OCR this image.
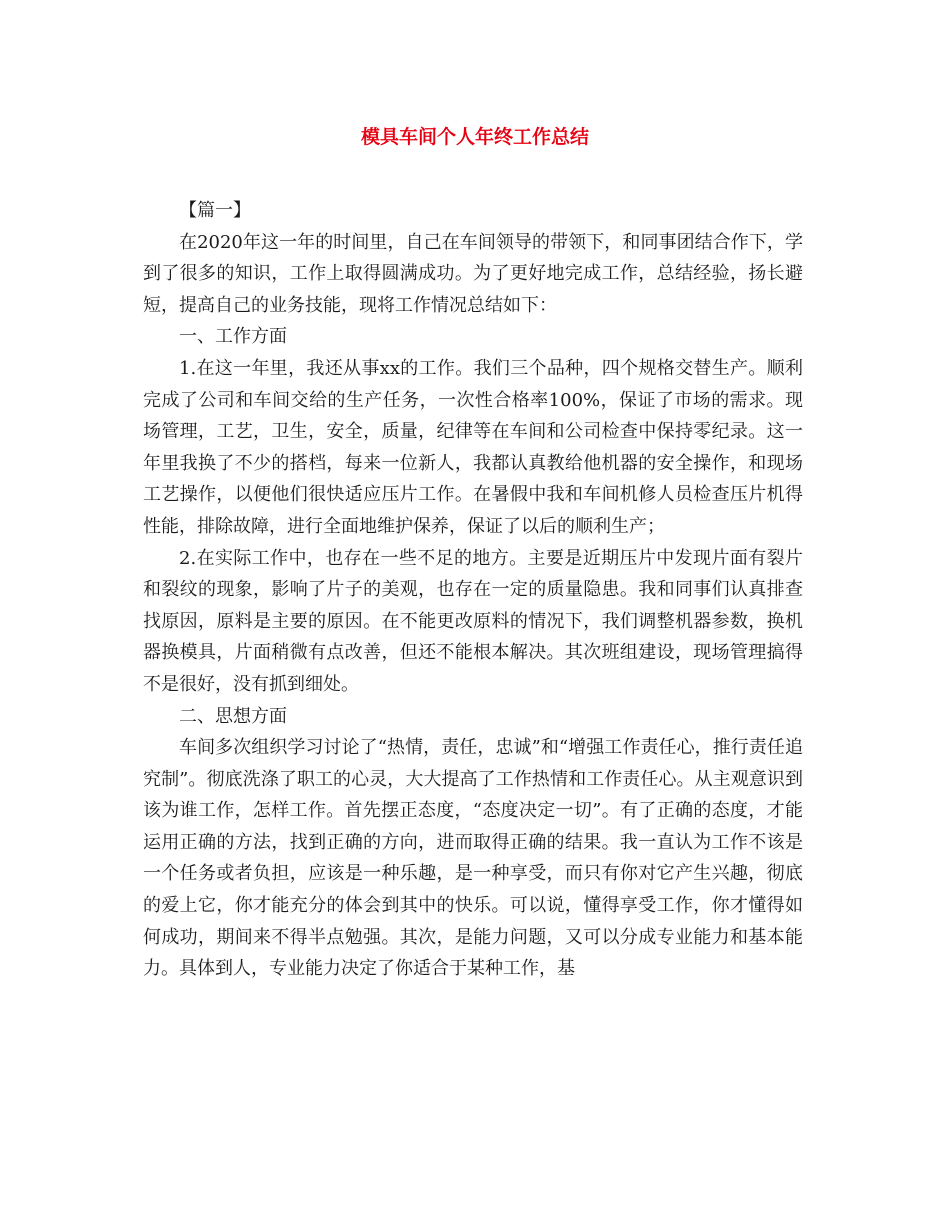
模具车间个人年终工作总结

【篇一】

在2020年这一年的时间里，自己在车间领导的带领下，和同事团结合作下，学到了很多的知识，工作上取得圆满成功。为了更好地完成工作，总结经验，扬长避短，提高自己的业务技能，现将工作情况总结如下：

一、工作方面

1.在这一年里，我还从事xx的工作。我们三个品种，四个规格交替生产。顺利完成了公司和车间交给的生产任务，一次性合格率100%，保证了市场的需求。现场管理，工艺，卫生，安全，质量，纪律等在车间和公司检查中保持零纪录。这一年里我换了不少的搭档，每来一位新人，我都认真教给他机器的安全操作，和现场工艺操作，以便他们很快适应压片工作。在暑假中我和车间机修人员检查压片机得性能，排除故障，进行全面地维护保养，保证了以后的顺利生产；

2.在实际工作中，也存在一些不足的地方。主要是近期压片中发现片面有裂片和裂纹的现象，影响了片子的美观，也存在一定的质量隐患。我和同事们认真排查找原因，原料是主要的原因。在不能更改原料的情况下，我们调整机器参数，换机器换模具，片面稍微有点改善，但还不能根本解决。其次班组建设，现场管理搞得不是很好，没有抓到细处。

二、思想方面

车间多次组织学习讨论了“热情，责任，忠诚”和“增强工作责任心，推行责任追究制”。彻底洗涤了职工的心灵，大大提高了工作热情和工作责任心。从主观意识到该为谁工作，怎样工作。首先摆正态度，“态度决定一切”。有了正确的态度，才能运用正确的方法，找到正确的方向，进而取得正确的结果。我一直认为工作不该是一个任务或者负担，应该是一种乐趣，是一种享受，而只有你对它产生兴趣，彻底的爱上它，你才能充分的体会到其中的快乐。可以说，懂得享受工作，你才懂得如何成功，期间来不得半点勉强。其次，是能力问题，又可以分成专业能力和基本能力。具体到人，专业能力决定了你适合于某种工作，基
